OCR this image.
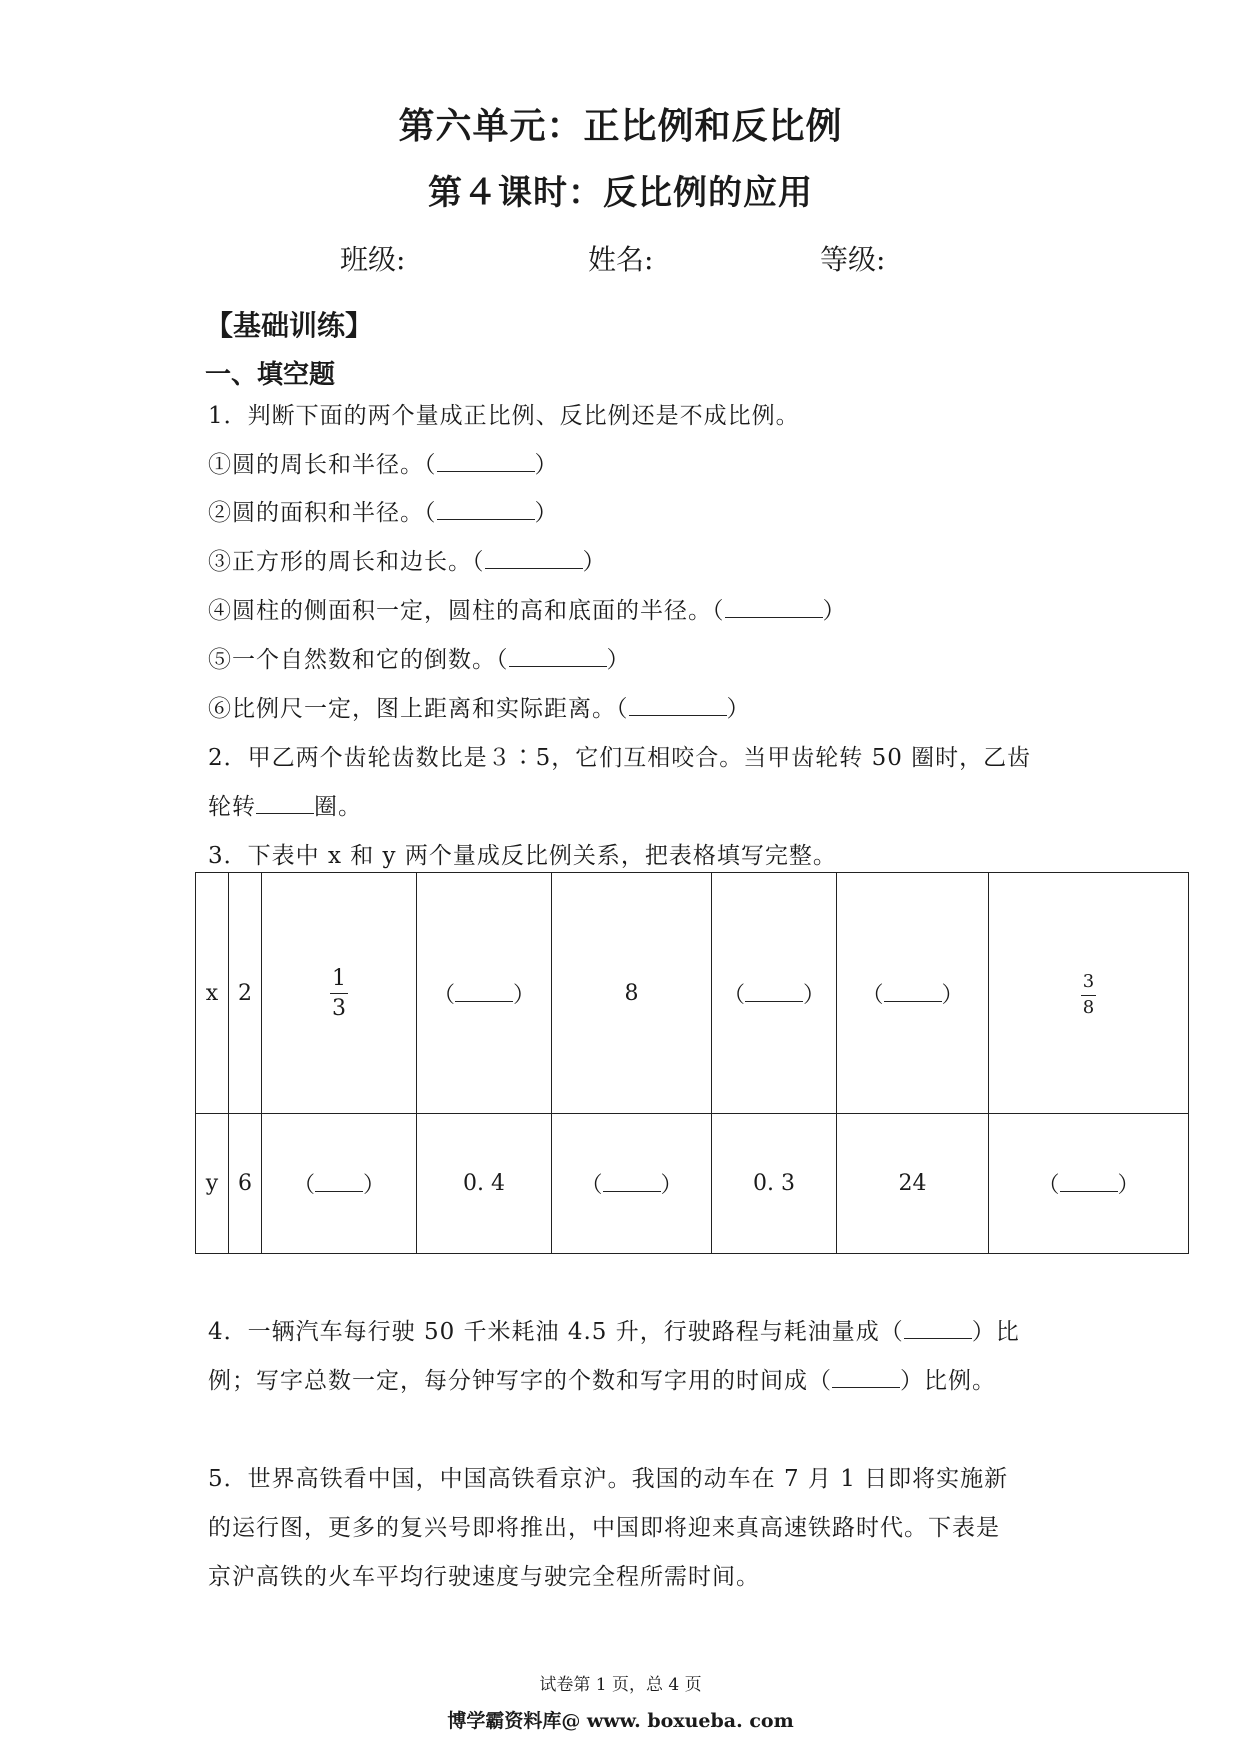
第六单元：正比例和反比例
第４课时：反比例的应用
班级:	姓名:	等级:
【基础训练】
一、填空题
1．判断下面的两个量成正比例、反比例还是不成比例。
①圆的周长和半径。（	）
②圆的面积和半径。（	）
③正方形的周长和边长。（	）
④圆柱的侧面积一定，圆柱的高和底面的半径。（	）
⑤一个自然数和它的倒数。（	）
⑥比例尺一定，图上距离和实际距离。（	）
2．甲乙两个齿轮齿数比是３∶5，它们互相咬合。当甲齿轮转 50 圈时，乙齿
轮转	圈。
3．下表中 x 和 y 两个量成反比例关系，把表格填写完整。
x	2	$\frac{1}{3}$	（ ）	8	（ ）	（ ）	$\frac{3}{8}$

y	6	（ ）	0. 4	（ ）	0. 3	24	（ ）
4．一辆汽车每行驶 50 千米耗油 4.5 升，行驶路程与耗油量成（	）比
例；写字总数一定，每分钟写字的个数和写字用的时间成（	）比例。
5．世界高铁看中国，中国高铁看京沪。我国的动车在 7 月 1 日即将实施新
的运行图，更多的复兴号即将推出，中国即将迎来真高速铁路时代。下表是
京沪高铁的火车平均行驶速度与驶完全程所需时间。
试卷第 1 页，总 4 页
博学霸资料库@ www. boxueba. com
